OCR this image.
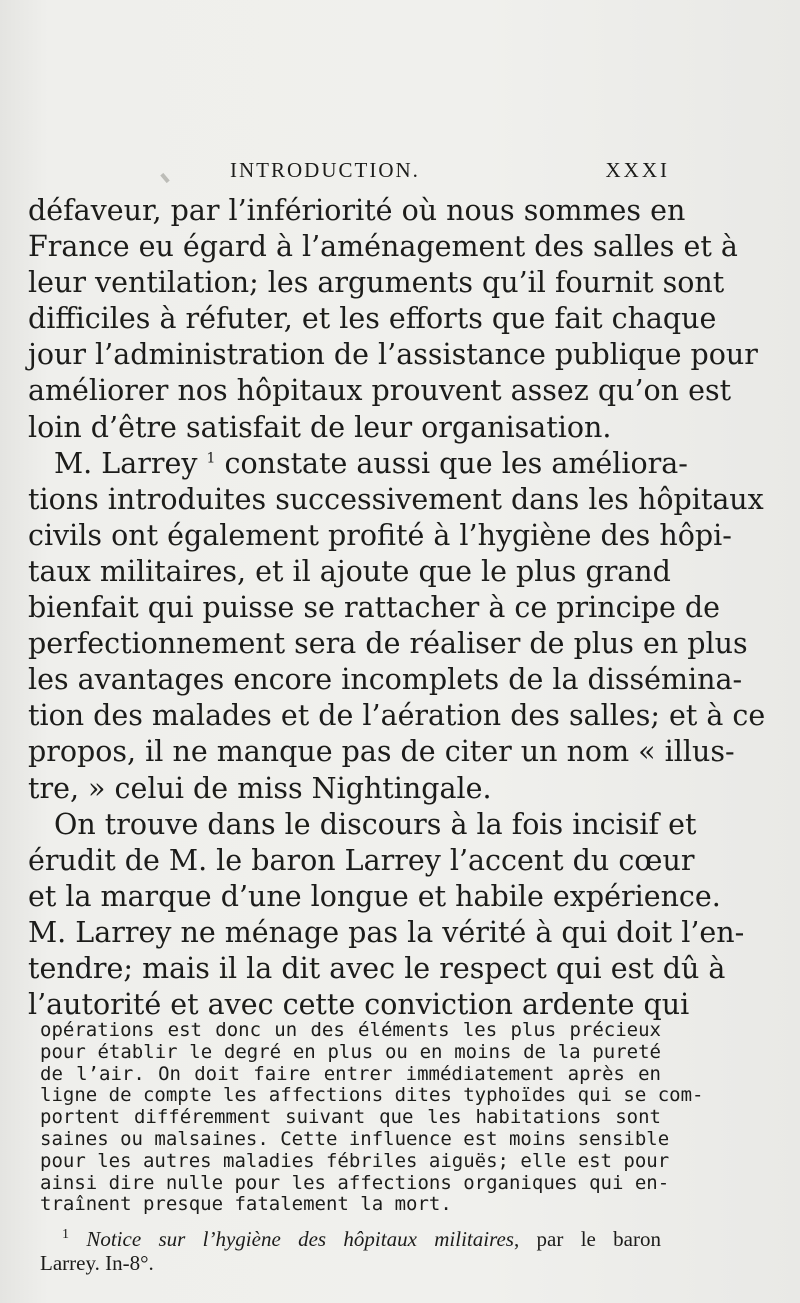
INTRODUCTION.	XXXI
défaveur, par l’infériorité où nous sommes en
France eu égard à l’aménagement des salles et à
leur ventilation; les arguments qu’il fournit sont
difficiles à réfuter, et les efforts que fait chaque
jour l’administration de l’assistance publique pour
améliorer nos hôpitaux prouvent assez qu’on est
loin d’être satisfait de leur organisation.
M. Larrey $^1$ constate aussi que les améliora-
tions introduites successivement dans les hôpitaux
civils ont également profité à l’hygiène des hôpi-
taux militaires, et il ajoute que le plus grand
bienfait qui puisse se rattacher à ce principe de
perfectionnement sera de réaliser de plus en plus
les avantages encore incomplets de la dissémina-
tion des malades et de l’aération des salles; et à ce
propos, il ne manque pas de citer un nom « illus-
tre, » celui de miss Nightingale.
On trouve dans le discours à la fois incisif et
érudit de M. le baron Larrey l’accent du cœur
et la marque d’une longue et habile expérience.
M. Larrey ne ménage pas la vérité à qui doit l’en-
tendre; mais il la dit avec le respect qui est dû à
l’autorité et avec cette conviction ardente qui
opérations est donc un des éléments les plus précieux
pour établir le degré en plus ou en moins de la pureté
de l’air. On doit faire entrer immédiatement après en
ligne de compte les affections dites typhoïdes qui se com-
portent différemment suivant que les habitations sont
saines ou malsaines. Cette influence est moins sensible
pour les autres maladies fébriles aiguës; elle est pour
ainsi dire nulle pour les affections organiques qui en-
traînent presque fatalement la mort.
$^1$ Notice sur l’hygiène des hôpitaux militaires, par le baron
Larrey. In-8°.
